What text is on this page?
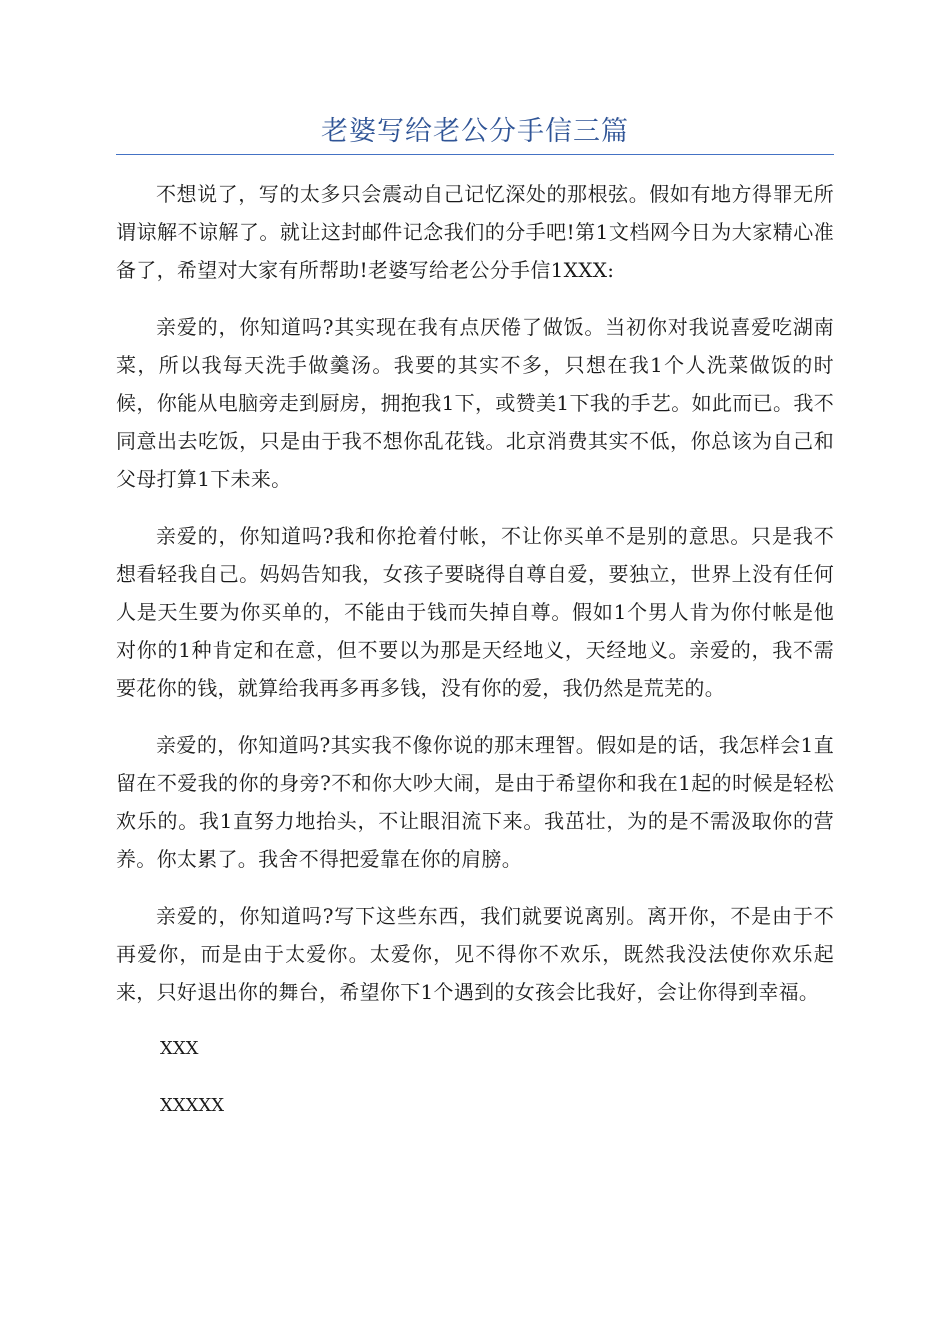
老婆写给老公分手信三篇

不想说了，写的太多只会震动自己记忆深处的那根弦。假如有地方得罪无所谓谅解不谅解了。就让这封邮件记念我们的分手吧!第1文档网今日为大家精心准备了，希望对大家有所帮助!老婆写给老公分手信1XXX:

亲爱的，你知道吗?其实现在我有点厌倦了做饭。当初你对我说喜爱吃湖南菜，所以我每天洗手做羹汤。我要的其实不多，只想在我1个人洗菜做饭的时候，你能从电脑旁走到厨房，拥抱我1下，或赞美1下我的手艺。如此而已。我不同意出去吃饭，只是由于我不想你乱花钱。北京消费其实不低，你总该为自己和父母打算1下未来。

亲爱的，你知道吗?我和你抢着付帐，不让你买单不是别的意思。只是我不想看轻我自己。妈妈告知我，女孩子要晓得自尊自爱，要独立，世界上没有任何人是天生要为你买单的，不能由于钱而失掉自尊。假如1个男人肯为你付帐是他对你的1种肯定和在意，但不要以为那是天经地义，天经地义。亲爱的，我不需要花你的钱，就算给我再多再多钱，没有你的爱，我仍然是荒芜的。

亲爱的，你知道吗?其实我不像你说的那末理智。假如是的话，我怎样会1直留在不爱我的你的身旁?不和你大吵大闹，是由于希望你和我在1起的时候是轻松欢乐的。我1直努力地抬头，不让眼泪流下来。我茁壮，为的是不需汲取你的营养。你太累了。我舍不得把爱靠在你的肩膀。

亲爱的，你知道吗?写下这些东西，我们就要说离别。离开你，不是由于不再爱你，而是由于太爱你。太爱你，见不得你不欢乐，既然我没法使你欢乐起来，只好退出你的舞台，希望你下1个遇到的女孩会比我好，会让你得到幸福。

XXX

XXXXX
